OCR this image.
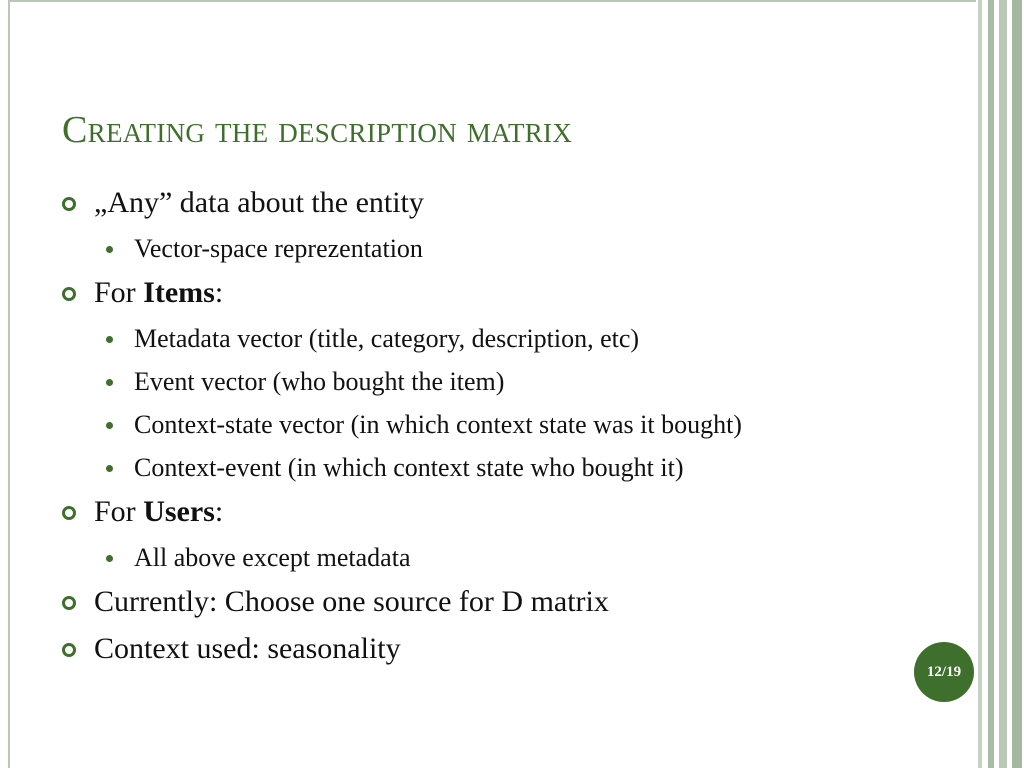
Creating the description matrix
„Any” data about the entity
Vector-space reprezentation
For Items:
Metadata vector (title, category, description, etc)
Event vector (who bought the item)
Context-state vector (in which context state was it bought)
Context-event (in which context state who bought it)
For Users:
All above except metadata
Currently: Choose one source for D matrix
Context used: seasonality
12/19
